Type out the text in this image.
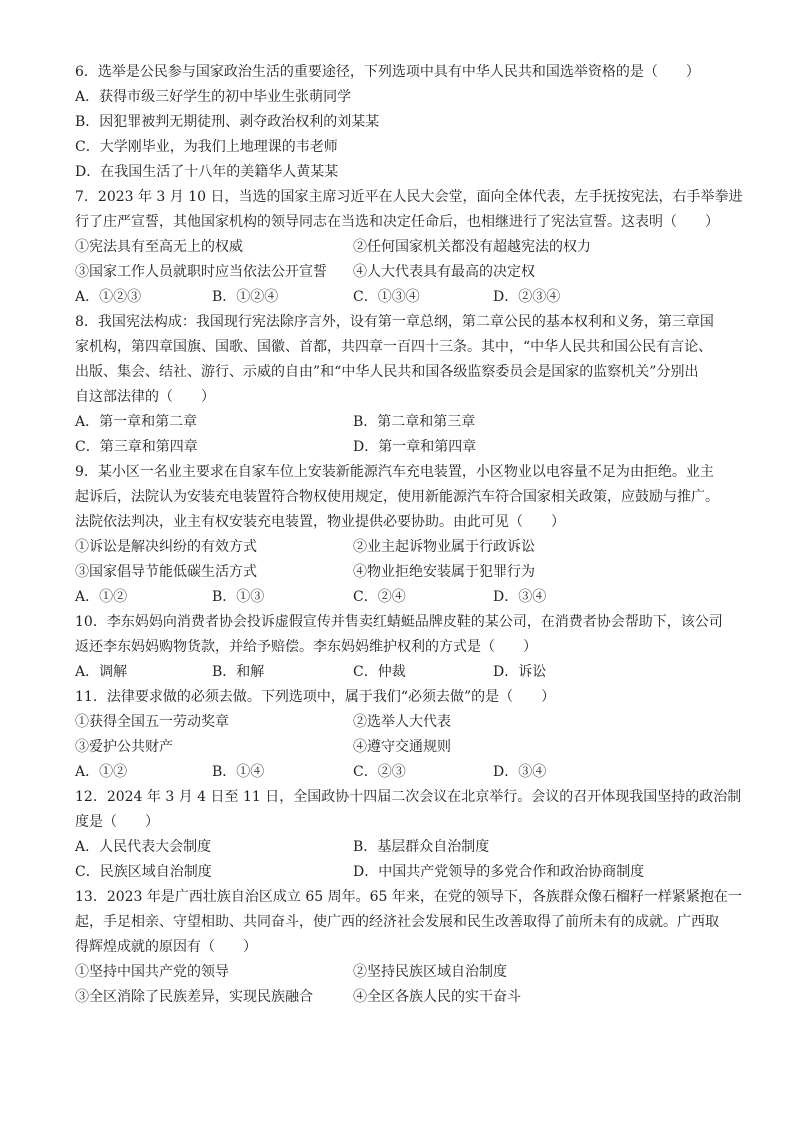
6．选举是公民参与国家政治生活的重要途径，下列选项中具有中华人民共和国选举资格的是（　　）
A．获得市级三好学生的初中毕业生张萌同学
B．因犯罪被判无期徒刑、剥夺政治权利的刘某某
C．大学刚毕业，为我们上地理课的韦老师
D．在我国生活了十八年的美籍华人黄某某
7．2023 年 3 月 10 日，当选的国家主席习近平在人民大会堂，面向全体代表，左手抚按宪法，右手举拳进
行了庄严宣誓，其他国家机构的领导同志在当选和决定任命后，也相继进行了宪法宣誓。这表明（　　）
①宪法具有至高无上的权威	②任何国家机关都没有超越宪法的权力
③国家工作人员就职时应当依法公开宣誓	④人大代表具有最高的决定权
A．①②③	B．①②④	C．①③④	D．②③④
8．我国宪法构成：我国现行宪法除序言外，设有第一章总纲，第二章公民的基本权利和义务，第三章国
家机构，第四章国旗、国歌、国徽、首都，共四章一百四十三条。其中，“中华人民共和国公民有言论、
出版、集会、结社、游行、示威的自由”和“中华人民共和国各级监察委员会是国家的监察机关”分别出
自这部法律的（　　）
A．第一章和第二章	B．第二章和第三章
C．第三章和第四章	D．第一章和第四章
9．某小区一名业主要求在自家车位上安装新能源汽车充电装置，小区物业以电容量不足为由拒绝。业主
起诉后，法院认为安装充电装置符合物权使用规定，使用新能源汽车符合国家相关政策，应鼓励与推广。
法院依法判决，业主有权安装充电装置，物业提供必要协助。由此可见（　　）
①诉讼是解决纠纷的有效方式	②业主起诉物业属于行政诉讼
③国家倡导节能低碳生活方式	④物业拒绝安装属于犯罪行为
A．①②	B．①③	C．②④	D．③④
10．李东妈妈向消费者协会投诉虚假宣传并售卖红蜻蜓品牌皮鞋的某公司，在消费者协会帮助下，该公司
返还李东妈妈购物货款，并给予赔偿。李东妈妈维护权利的方式是（　　）
A．调解	B．和解	C．仲裁	D．诉讼
11．法律要求做的必须去做。下列选项中，属于我们“必须去做”的是（　　）
①获得全国五一劳动奖章	②选举人大代表
③爱护公共财产	④遵守交通规则
A．①②	B．①④	C．②③	D．③④
12．2024 年 3 月 4 日至 11 日，全国政协十四届二次会议在北京举行。会议的召开体现我国坚持的政治制
度是（　　）
A．人民代表大会制度	B．基层群众自治制度
C．民族区域自治制度	D．中国共产党领导的多党合作和政治协商制度
13．2023 年是广西壮族自治区成立 65 周年。65 年来，在党的领导下，各族群众像石榴籽一样紧紧抱在一
起，手足相亲、守望相助、共同奋斗，使广西的经济社会发展和民生改善取得了前所未有的成就。广西取
得辉煌成就的原因有（　　）
①坚持中国共产党的领导	②坚持民族区域自治制度
③全区消除了民族差异，实现民族融合	④全区各族人民的实干奋斗
